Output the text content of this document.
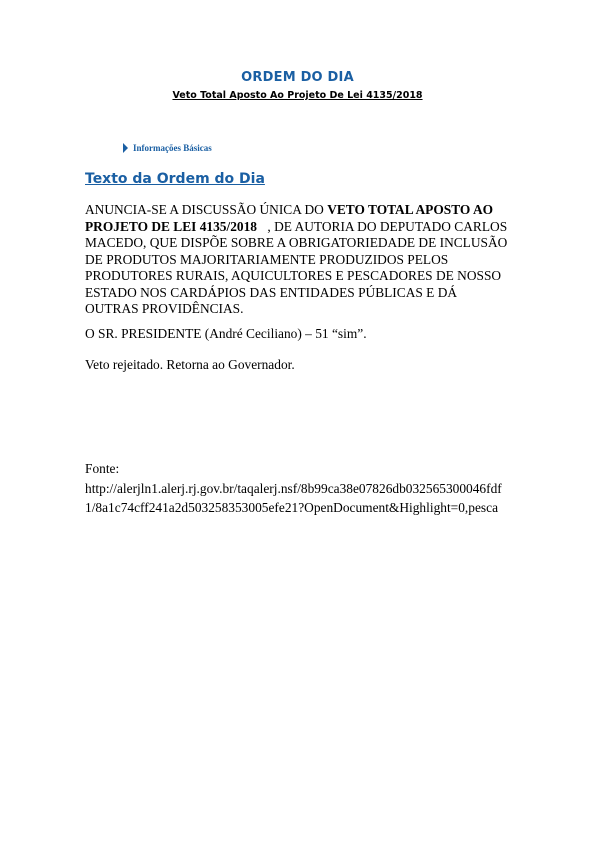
ORDEM DO DIA
Veto Total Aposto Ao Projeto De Lei 4135/2018
Informações Básicas
Texto da Ordem do Dia

ANUNCIA-SE A DISCUSSÃO ÚNICA DO VETO TOTAL APOSTO AO PROJETO DE LEI 4135/2018 , DE AUTORIA DO DEPUTADO CARLOS MACEDO, QUE DISPÕE SOBRE A OBRIGATORIEDADE DE INCLUSÃO DE PRODUTOS MAJORITARIAMENTE PRODUZIDOS PELOS PRODUTORES RURAIS, AQUICULTORES E PESCADORES DE NOSSO ESTADO NOS CARDÁPIOS DAS ENTIDADES PÚBLICAS E DÁ OUTRAS PROVIDÊNCIAS.

O SR. PRESIDENTE (André Ceciliano) – 51 “sim”.

Veto rejeitado. Retorna ao Governador.

Fonte:

http://alerjln1.alerj.rj.gov.br/taqalerj.nsf/8b99ca38e07826db032565300046fdf1/8a1c74cff241a2d503258353005efe21?OpenDocument&Highlight=0,pesca
